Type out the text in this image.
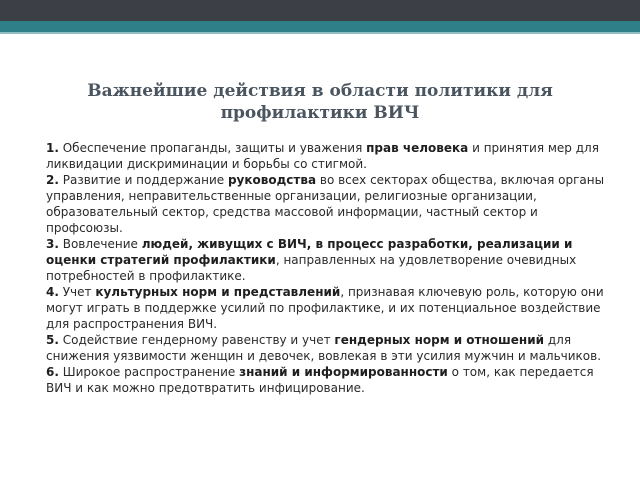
Важнейшие действия в области политики для профилактики ВИЧ

1. Обеспечение пропаганды, защиты и уважения прав человека и принятия мер для ликвидации дискриминации и борьбы со стигмой.

2. Развитие и поддержание руководства во всех секторах общества, включая органы управления, неправительственные организации, религиозные организации, образовательный сектор, средства массовой информации, частный сектор и профсоюзы.

3. Вовлечение людей, живущих с ВИЧ, в процесс разработки, реализации и оценки стратегий профилактики, направленных на удовлетворение очевидных потребностей в профилактике.

4. Учет культурных норм и представлений, признавая ключевую роль, которую они могут играть в поддержке усилий по профилактике, и их потенциальное воздействие для распространения ВИЧ.

5. Содействие гендерному равенству и учет гендерных норм и отношений для снижения уязвимости женщин и девочек, вовлекая в эти усилия мужчин и мальчиков.

6. Широкое распространение знаний и информированности о том, как передается ВИЧ и как можно предотвратить инфицирование.
